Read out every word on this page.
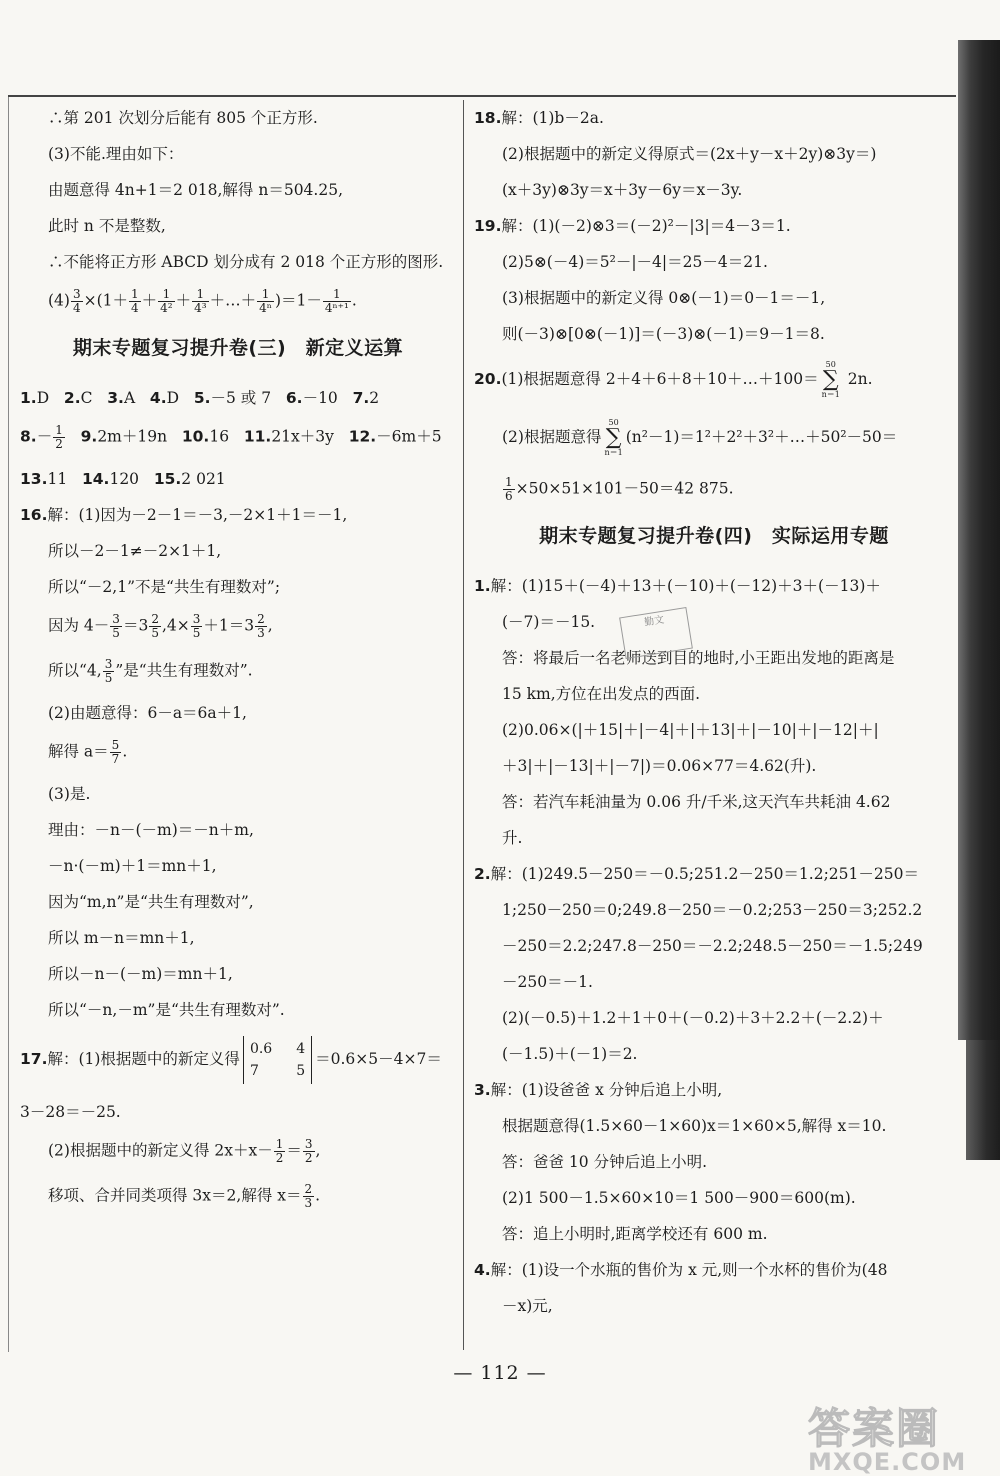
∴第 201 次划分后能有 805 个正方形.
(3)不能.理由如下：
由题意得 4n+1＝2 018,解得 n＝504.25,
此时 n 不是整数,
∴不能将正方形 ABCD 划分成有 2 018 个正方形的图形.
$(4) \frac{3}{4} \times(1+ \frac{1}{4} + \frac{1}{\text{4²}} + \frac{1}{\text{4³}}$ ＋…＋ $\frac{1}{\text{4ⁿ}} )=1- \frac{1}{\text{4ⁿ⁺¹}}$ .
期末专题复习提升卷(三)　新定义运算
1.D 2.C 3.A 4.D 5.－5 或 7 6.－10 7.2
$8.- \frac{1}{2} 9.2m+19n$ 10.16 11.21x＋3y 12.－6m＋5
13.11 14.120 15.2 021
16.解：(1)因为－2－1＝－3,－2×1＋1＝－1,
所以－2－1≠－2×1＋1,
所以“－2,1”不是“共生有理数对”;
因为 $4- \frac{3}{5} =3 \frac{2}{5} ,4\times \frac{3}{5} +1=3 \frac{2}{3}$ ,
所以“4, $\frac{3}{5}$ ”是“共生有理数对”.
(2)由题意得：6－a＝6a＋1,
解得 $a= \frac{5}{7}$ .
(3)是.
理由：－n－(－m)＝－n＋m,
－n·(－m)＋1＝mn＋1,
因为“m,n”是“共生有理数对”,
所以 m－n＝mn＋1,
所以－n－(－m)＝mn＋1,
所以“－n,－m”是“共生有理数对”.
17.解：(1)根据题中的新定义得
0.6 4
7	5
＝0.6×5－4×7＝
3－28＝－25.
(2)根据题中的新定义得 $2x+x- \frac{1}{2} = \frac{3}{2}$ ,
移项、合并同类项得 3x＝2,解得 $x= \frac{2}{3}$ .
18.解：(1)b－2a.
(2)根据题中的新定义得原式＝(2x＋y－x＋2y)⊗3y＝)
(x＋3y)⊗3y＝x＋3y－6y＝x－3y.
19.解：(1)(－2)⊗3＝(－2)²－|3|＝4－3＝1.
(2)5⊗(－4)＝5²－|－4|＝25－4＝21.
(3)根据题中的新定义得 0⊗(－1)＝0－1＝－1,
则(－3)⊗[0⊗(－1)]＝(－3)⊗(－1)＝9－1＝8.
20.(1)根据题意得 2＋4＋6＋8＋10＋…＋100＝
50
∑
n＝1
2n.
(2)根据题意得
50
∑
n＝1
(n²－1)＝1²＋2²＋3²＋…＋50²－50＝
$\frac{1}{6} \times 50\times 51\times 101-50=42$ 875.
期末专题复习提升卷(四)　实际运用专题
1.解：(1)15＋(－4)＋13＋(－10)＋(－12)＋3＋(－13)＋
(－7)＝－15.
答：将最后一名老师送到目的地时,小王距出发地的距离是
15 km,方位在出发点的西面.
(2)0.06×(|＋15|＋|－4|＋|＋13|＋|－10|＋|－12|＋|
＋3|＋|－13|＋|－7|)＝0.06×77＝4.62(升).
答：若汽车耗油量为 0.06 升/千米,这天汽车共耗油 4.62
升.
2.解：(1)249.5－250＝－0.5;251.2－250＝1.2;251－250＝
1;250－250＝0;249.8－250＝－0.2;253－250＝3;252.2
－250＝2.2;247.8－250＝－2.2;248.5－250＝－1.5;249
－250＝－1.
(2)(－0.5)＋1.2＋1＋0＋(－0.2)＋3＋2.2＋(－2.2)＋
(－1.5)＋(－1)＝2.
3.解：(1)设爸爸 x 分钟后追上小明,
根据题意得(1.5×60－1×60)x＝1×60×5,解得 x＝10.
答：爸爸 10 分钟后追上小明.
(2)1 500－1.5×60×10＝1 500－900＝600(m).
答：追上小明时,距离学校还有 600 m.
4.解：(1)设一个水瓶的售价为 x 元,则一个水杯的售价为(48
－x)元,
勤文
— 112 —
答案圈
MXQE.COM
